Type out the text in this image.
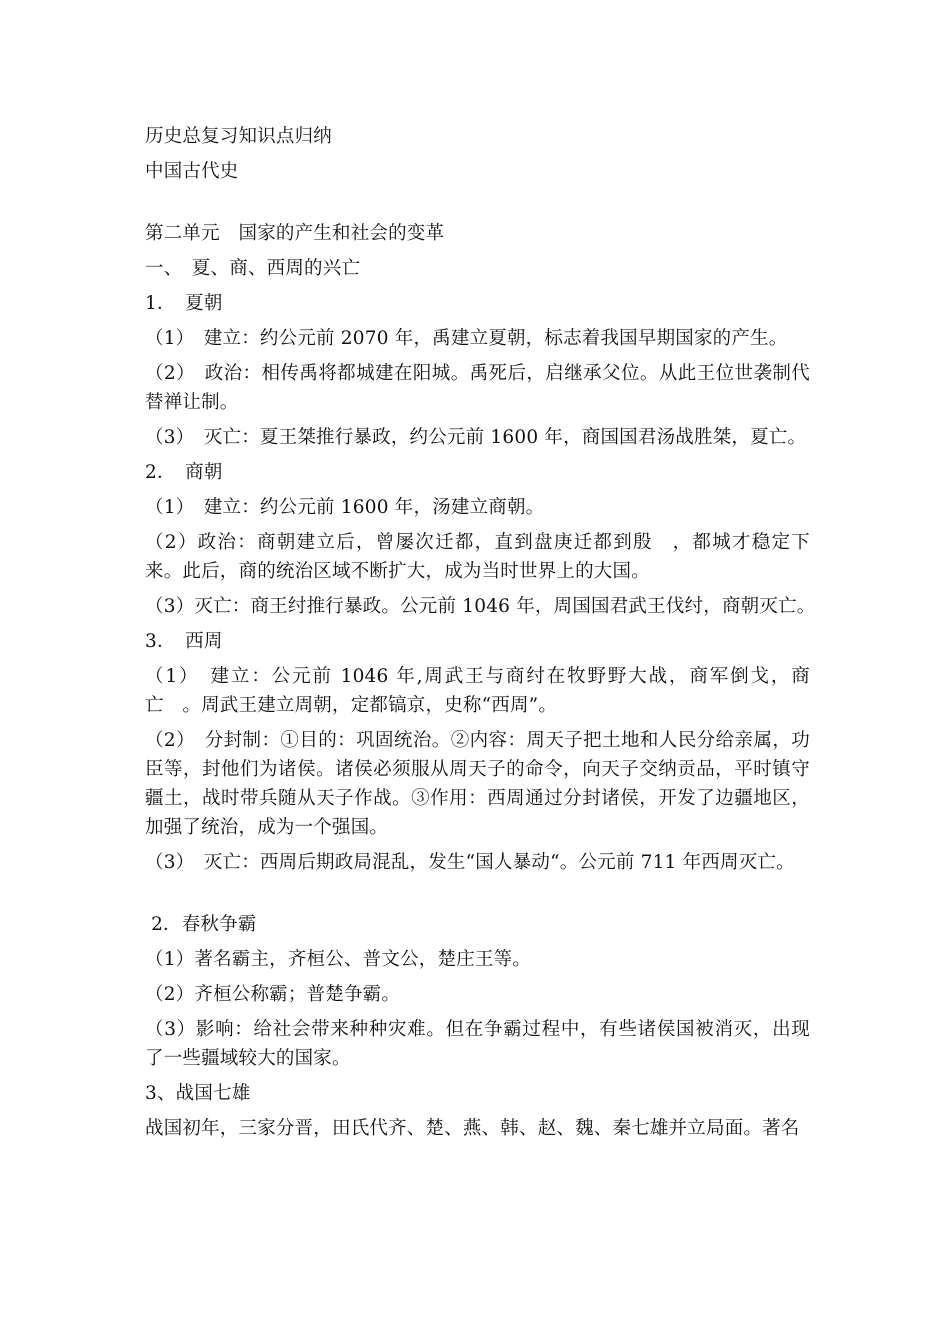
历史总复习知识点归纳
中国古代史
第二单元　国家的产生和社会的变革
一、　夏、商、西周的兴亡
1．　夏朝
（1）　建立：约公元前 2070 年，禹建立夏朝，标志着我国早期国家的产生。
（2）　政治：相传禹将都城建在阳城。禹死后，启继承父位。从此王位世袭制代替禅让制。
（3）　灭亡：夏王桀推行暴政，约公元前 1600 年，商国国君汤战胜桀，夏亡。
2．　商朝
（1）　建立：约公元前 1600 年，汤建立商朝。
（2）政治：商朝建立后，曾屡次迁都，直到盘庚迁都到殷　，都城才稳定下来。此后，商的统治区域不断扩大，成为当时世界上的大国。
（3）灭亡：商王纣推行暴政。公元前 1046 年，周国国君武王伐纣，商朝灭亡。
3．　西周
（1）　建立：公元前 1046 年,周武王与商纣在牧野野大战，商军倒戈，商亡　。周武王建立周朝，定都镐京，史称“西周”。
（2）　分封制：①目的：巩固统治。②内容：周天子把土地和人民分给亲属，功臣等，封他们为诸侯。诸侯必须服从周天子的命令，向天子交纳贡品，平时镇守疆土，战时带兵随从天子作战。③作用：西周通过分封诸侯，开发了边疆地区，加强了统治，成为一个强国。
（3）　灭亡：西周后期政局混乱，发生“国人暴动“。公元前 711 年西周灭亡。
2．春秋争霸
（1）著名霸主，齐桓公、普文公，楚庄王等。
（2）齐桓公称霸；普楚争霸。
（3）影响：给社会带来种种灾难。但在争霸过程中，有些诸侯国被消灭，出现了一些疆域较大的国家。
3、战国七雄
战国初年，三家分晋，田氏代齐、楚、燕、韩、赵、魏、秦七雄并立局面。著名
